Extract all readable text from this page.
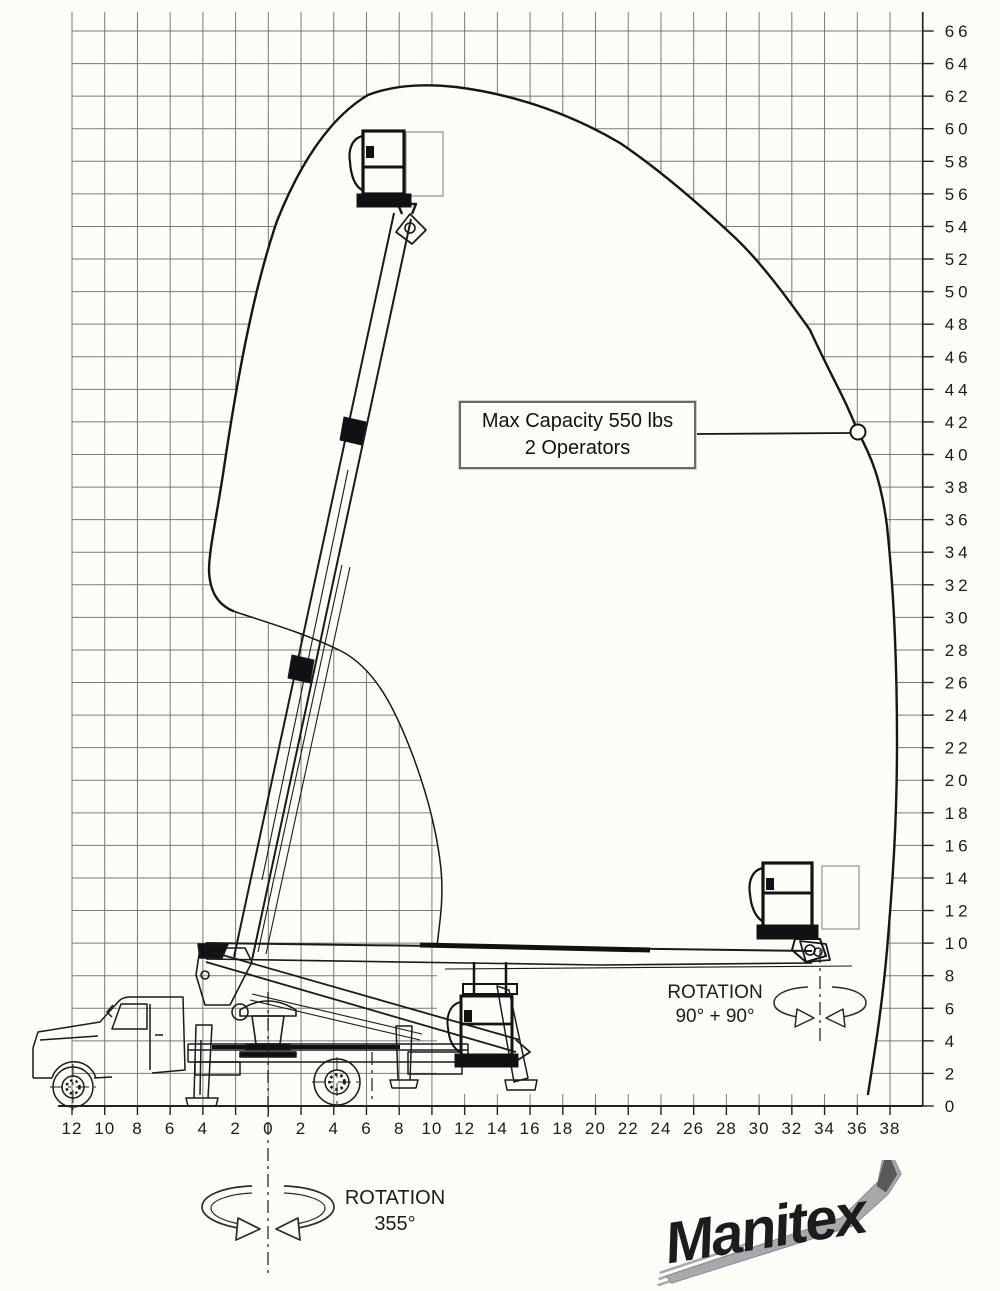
66
64
62
60
58
56
54
52
50
48
46
44
42
40
38
36
34
32
30
28
26
24
22
20
18
16
14
12
10
8
6
4
2
0
12 10 8 6 4 2 0 2 4 6 8 10 12 14 16 18 20 22 24 26 28 30 32 34 36 38
Max Capacity 550 lbs
2 Operators
ROTATION
90° + 90°
ROTATION
355°	Manitex
